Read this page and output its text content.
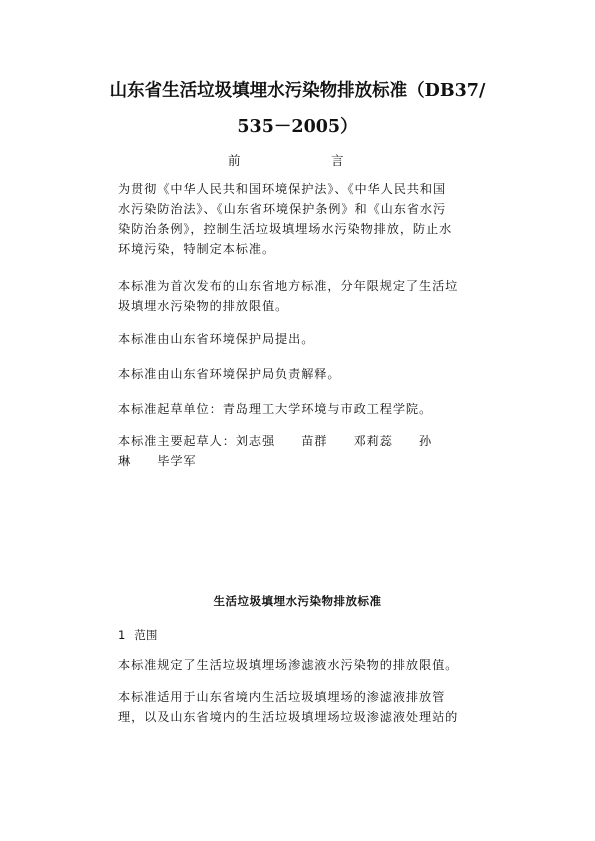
山东省生活垃圾填埋水污染物排放标准（DB37/
535－2005）
前	言

为贯彻《中华人民共和国环境保护法》、《中华人民共和国
水污染防治法》、《山东省环境保护条例》和《山东省水污
染防治条例》，控制生活垃圾填埋场水污染物排放，防止水
环境污染，特制定本标准。

本标准为首次发布的山东省地方标准，分年限规定了生活垃
圾填埋水污染物的排放限值。

本标准由山东省环境保护局提出。

本标准由山东省环境保护局负责解释。

本标准起草单位：青岛理工大学环境与市政工程学院。

本标准主要起草人：刘志强　　苗群　　邓莉蕊　　孙
琳　　毕学军

生活垃圾填埋水污染物排放标准

1 范围

本标准规定了生活垃圾填埋场渗滤液水污染物的排放限值。

本标准适用于山东省境内生活垃圾填埋场的渗滤液排放管
理，以及山东省境内的生活垃圾填埋场垃圾渗滤液处理站的
